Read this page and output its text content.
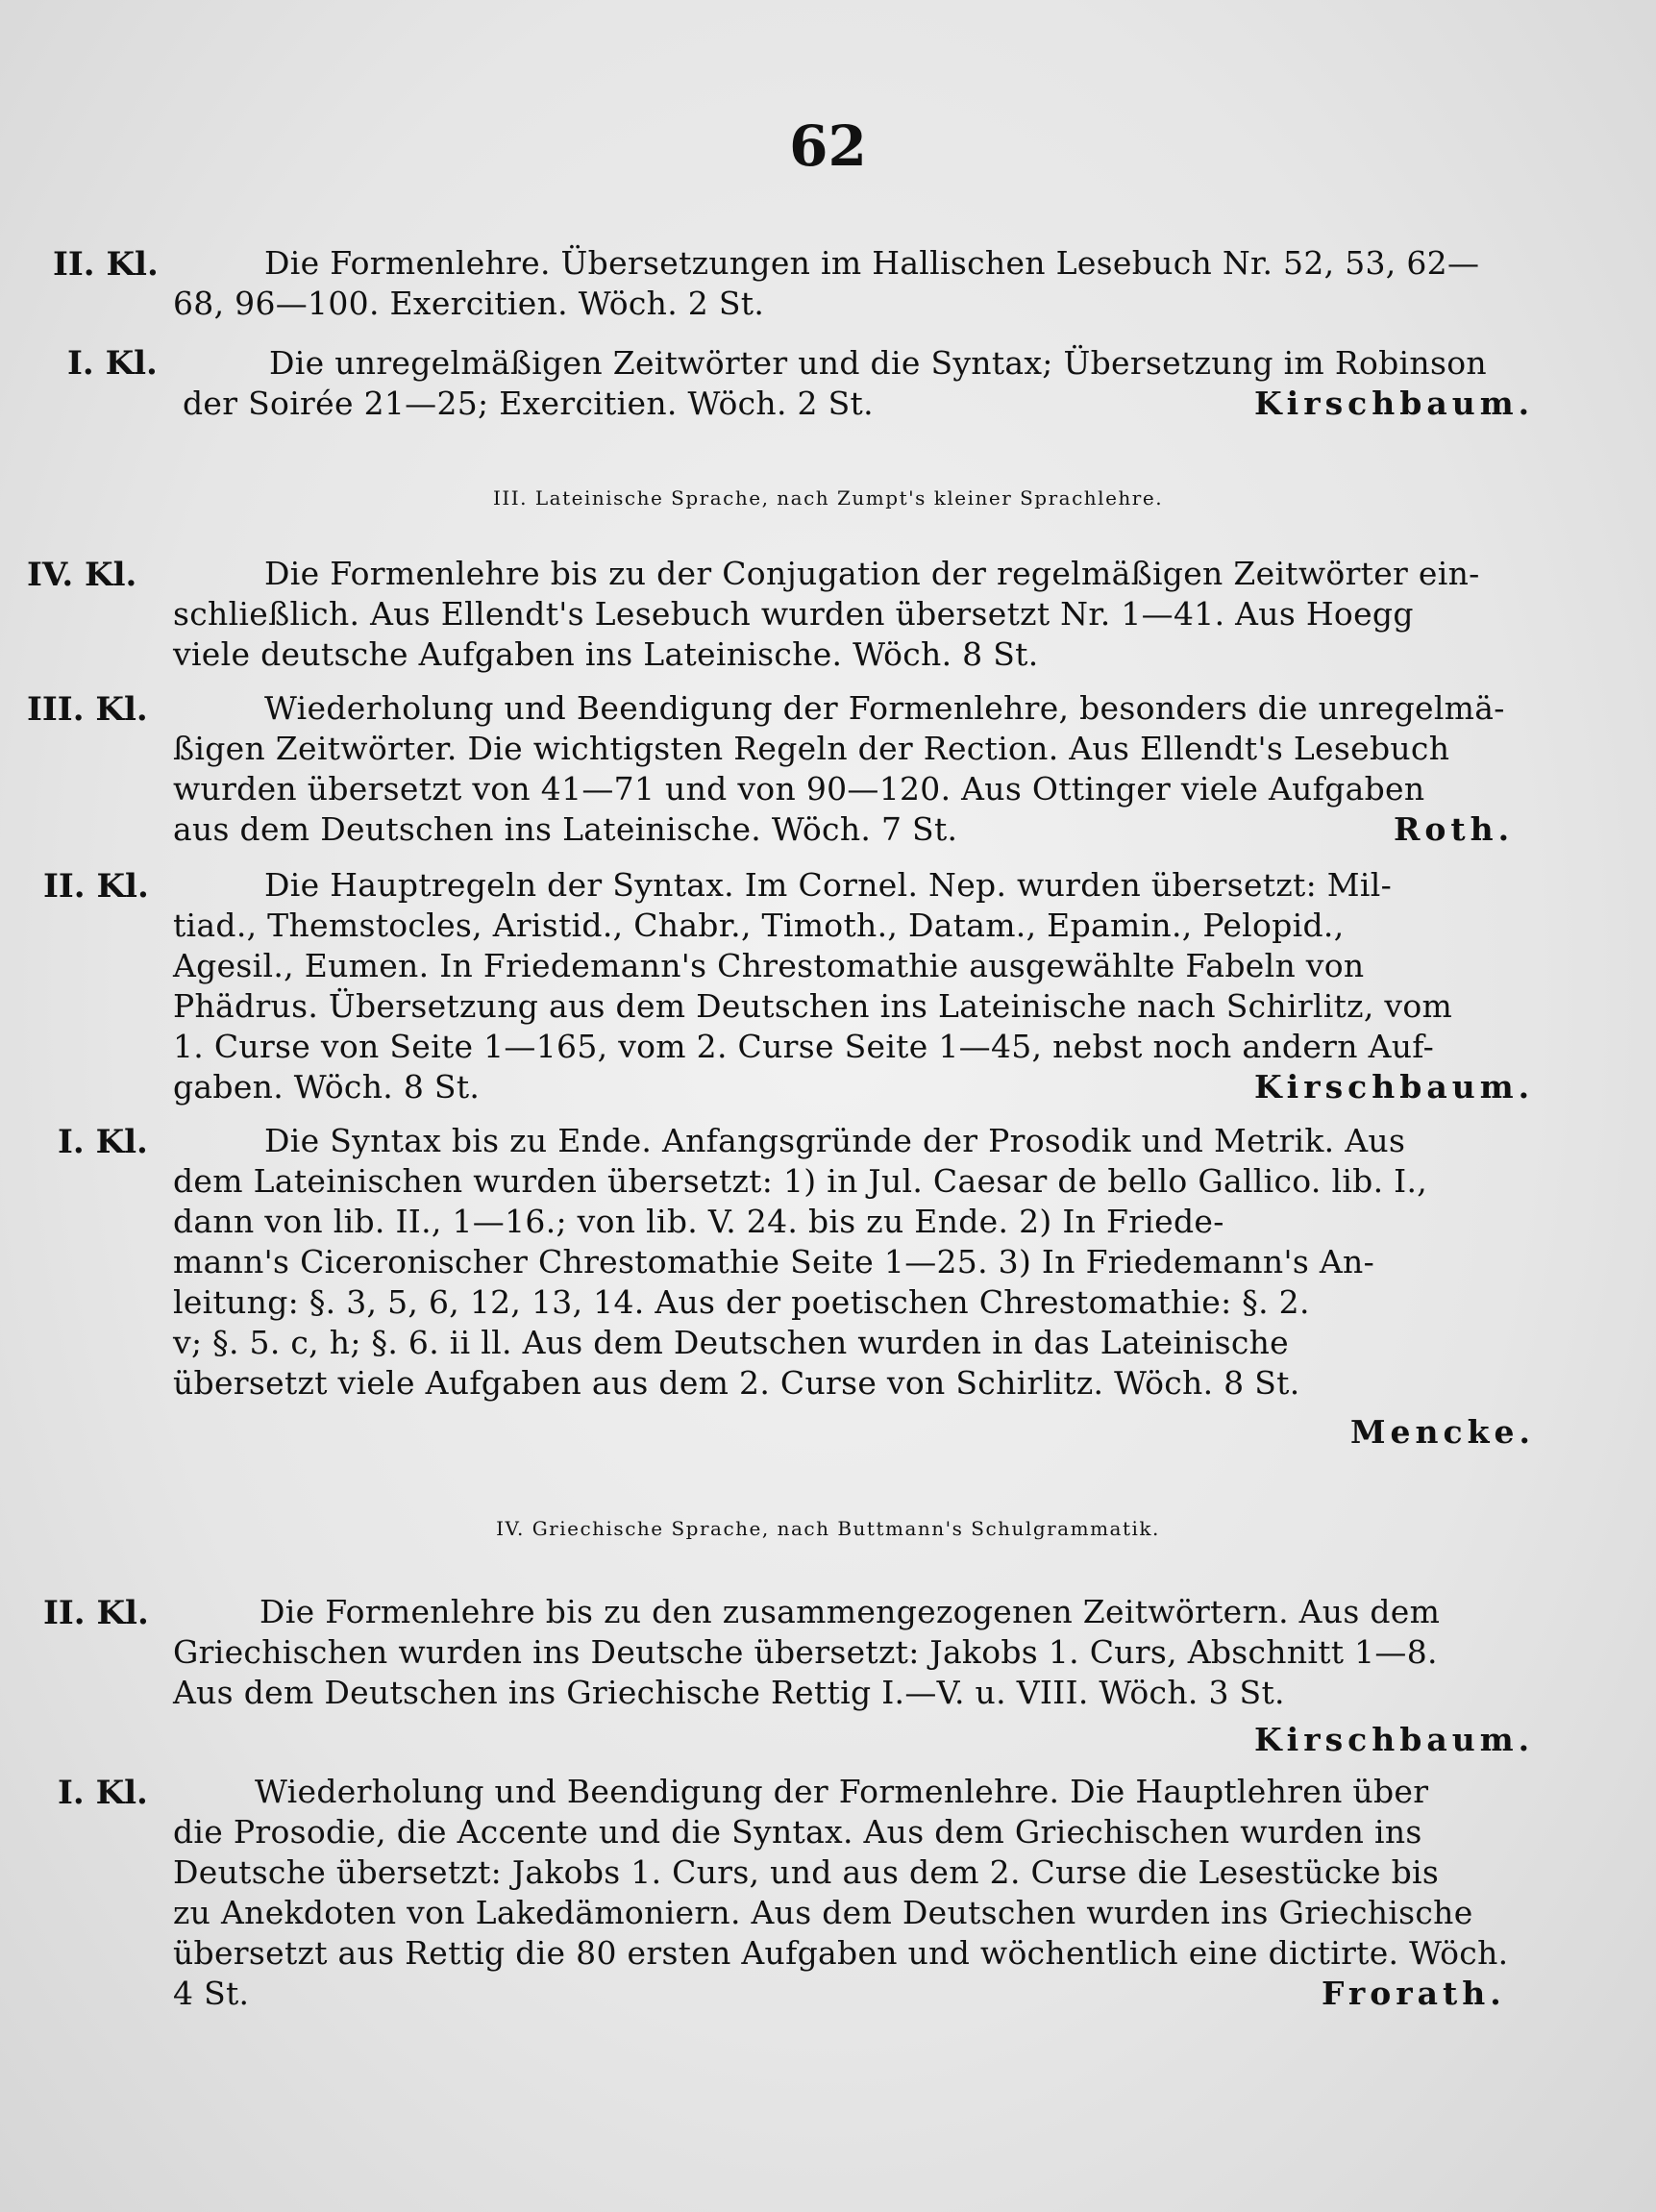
62
II. Kl.	Die Formenlehre. Übersetzungen im Hallischen Lesebuch Nr. 52, 53, 62—
68, 96—100. Exercitien. Wöch. 2 St.
I. Kl.	Die unregelmäßigen Zeitwörter und die Syntax; Übersetzung im Robinson
der Soirée 21—25; Exercitien. Wöch. 2 St.	Kirschbaum.
III. Lateinische Sprache, nach Zumpt's kleiner Sprachlehre.
IV. Kl.	Die Formenlehre bis zu der Conjugation der regelmäßigen Zeitwörter ein-
schließlich. Aus Ellendt's Lesebuch wurden übersetzt Nr. 1—41. Aus Hoegg
viele deutsche Aufgaben ins Lateinische. Wöch. 8 St.
III. Kl.	Wiederholung und Beendigung der Formenlehre, besonders die unregelmä-
ßigen Zeitwörter. Die wichtigsten Regeln der Rection. Aus Ellendt's Lesebuch
wurden übersetzt von 41—71 und von 90—120. Aus Ottinger viele Aufgaben
aus dem Deutschen ins Lateinische. Wöch. 7 St.	Roth.
II. Kl.	Die Hauptregeln der Syntax. Im Cornel. Nep. wurden übersetzt: Mil-
tiad., Themstocles, Aristid., Chabr., Timoth., Datam., Epamin., Pelopid.,
Agesil., Eumen. In Friedemann's Chrestomathie ausgewählte Fabeln von
Phädrus. Übersetzung aus dem Deutschen ins Lateinische nach Schirlitz, vom
1. Curse von Seite 1—165, vom 2. Curse Seite 1—45, nebst noch andern Auf-
gaben. Wöch. 8 St.	Kirschbaum.
I. Kl.	Die Syntax bis zu Ende. Anfangsgründe der Prosodik und Metrik. Aus
dem Lateinischen wurden übersetzt: 1) in Jul. Caesar de bello Gallico. lib. I.,
dann von lib. II., 1—16.; von lib. V. 24. bis zu Ende. 2) In Friede-
mann's Ciceronischer Chrestomathie Seite 1—25. 3) In Friedemann's An-
leitung: §. 3, 5, 6, 12, 13, 14. Aus der poetischen Chrestomathie: §. 2.
v; §. 5. c, h; §. 6. ii ll. Aus dem Deutschen wurden in das Lateinische
übersetzt viele Aufgaben aus dem 2. Curse von Schirlitz. Wöch. 8 St.
Mencke.
IV. Griechische Sprache, nach Buttmann's Schulgrammatik.
II. Kl.	Die Formenlehre bis zu den zusammengezogenen Zeitwörtern. Aus dem
Griechischen wurden ins Deutsche übersetzt: Jakobs 1. Curs, Abschnitt 1—8.
Aus dem Deutschen ins Griechische Rettig I.—V. u. VIII. Wöch. 3 St.
Kirschbaum.
I. Kl.	Wiederholung und Beendigung der Formenlehre. Die Hauptlehren über
die Prosodie, die Accente und die Syntax. Aus dem Griechischen wurden ins
Deutsche übersetzt: Jakobs 1. Curs, und aus dem 2. Curse die Lesestücke bis
zu Anekdoten von Lakedämoniern. Aus dem Deutschen wurden ins Griechische
übersetzt aus Rettig die 80 ersten Aufgaben und wöchentlich eine dictirte. Wöch.
4 St.	Frorath.
